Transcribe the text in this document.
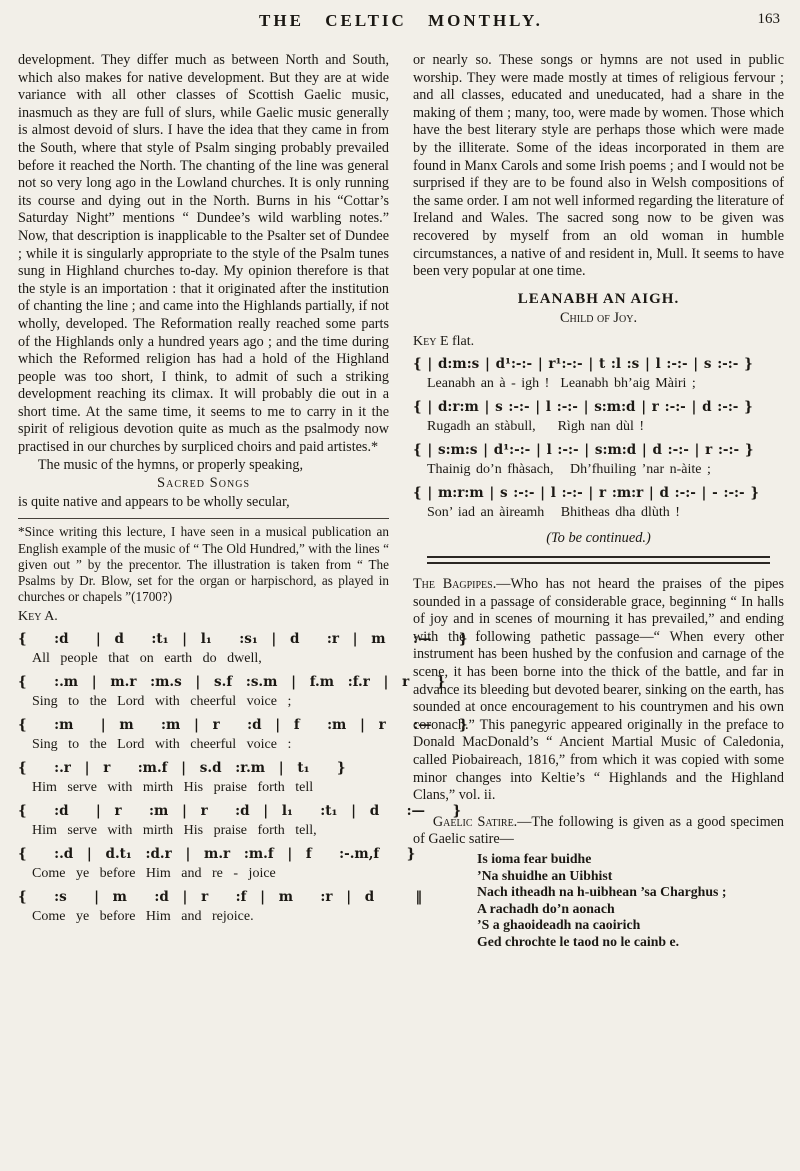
THE CELTIC MONTHLY.	163

development. They differ much as between North and South, which also makes for native development. But they are at wide variance with all other classes of Scottish Gaelic music, inasmuch as they are full of slurs, while Gaelic music generally is almost devoid of slurs. I have the idea that they came in from the South, where that style of Psalm singing probably prevailed before it reached the North. The chanting of the line was general not so very long ago in the Lowland churches. It is only running its course and dying out in the North. Burns in his “Cottar’s Saturday Night” mentions “ Dundee’s wild warbling notes.” Now, that description is inapplicable to the Psalter set of Dundee ; while it is singularly appropriate to the style of the Psalm tunes sung in Highland churches to-day. My opinion therefore is that the style is an importation : that it originated after the institution of chanting the line ; and came into the Highlands partially, if not wholly, developed. The Reformation really reached some parts of the Highlands only a hundred years ago ; and the time during which the Reformed religion has had a hold of the Highland people was too short, I think, to admit of such a striking development reaching its climax. It will probably die out in a short time. At the same time, it seems to me to carry in it the spirit of religious devotion quite as much as the psalmody now practised in our churches by surpliced choirs and paid artistes.*

The music of the hymns, or properly speaking,

Sacred Songs

is quite native and appears to be wholly secular,

*Since writing this lecture, I have seen in a musical publication an English example of the music of “ The Old Hundred,” with the lines “ given out ” by the precentor. The illustration is taken from “ The Psalms by Dr. Blow, set for the organ or harpischord, as played in churches or chapels ”(1700?)

Key A.
{  :d  | d  :t₁ | l₁  :s₁ | d  :r | m  :—  }
All people that on earth do dwell,
{  :.m | m.r :m.s | s.f :s.m | f.m :f.r | r  }
Sing to the Lord with cheerful voice ;
{  :m  | m  :m | r  :d | f  :m | r  :—  }
Sing to the Lord with cheerful voice :
{  :.r | r  :m.f | s.d :r.m | t₁  }
Him serve with mirth His praise forth tell
{  :d  | r  :m | r  :d | l₁  :t₁ | d  :—  }
Him serve with mirth His praise forth tell,
{  :.d | d.t₁ :d.r | m.r :m.f | f  :-.m,f  }
Come ye before Him and re - joice
{  :s  | m  :d | r  :f | m  :r | d   ‖
Come ye before Him and rejoice.

or nearly so. These songs or hymns are not used in public worship. They were made mostly at times of religious fervour ; and all classes, educated and uneducated, had a share in the making of them ; many, too, were made by women. Those which have the best literary style are perhaps those which were made by the illiterate. Some of the ideas incorporated in them are found in Manx Carols and some Irish poems ; and I would not be surprised if they are to be found also in Welsh compositions of the same order. I am not well informed regarding the literature of Ireland and Wales. The sacred song now to be given was recovered by myself from an old woman in humble circumstances, a native of and resident in, Mull. It seems to have been very popular at one time.

LEANABH AN AIGH.
Child of Joy.
Key E flat.
{ | d:m:s | d¹:-:- | r¹:-:- | t :l :s | l :-:- | s :-:- }
Leanabh an à - igh !  Leanabh bh’aig Màiri ;
{ | d:r:m | s :-:- | l :-:- | s:m:d | r :-:- | d :-:- }
Rugadh an stàbull,    Rìgh nan dùl !
{ | s:m:s | d¹:-:- | l :-:- | s:m:d | d :-:- | r :-:- }
Thainig do’n fhàsach,   Dh’fhuiling ’nar n-àite ;
{ | m:r:m | s :-:- | l :-:- | r :m:r | d :-:- | - :-:- }
Son’ iad an àireamh   Bhitheas dha dlùth !
(To be continued.)

The Bagpipes.—Who has not heard the praises of the pipes sounded in a passage of considerable grace, beginning “ In halls of joy and in scenes of mourning it has prevailed,” and ending with the following pathetic passage—“ When every other instrument has been hushed by the confusion and carnage of the scene, it has been borne into the thick of the battle, and far in advance its bleeding but devoted bearer, sinking on the earth, has sounded at once encouragement to his countrymen and his own coronach.” This panegyric appeared originally in the preface to Donald MacDonald’s “ Ancient Martial Music of Caledonia, called Piobaireach, 1816,” from which it was copied with some minor changes into Keltie’s “ Highlands and the Highland Clans,” vol. ii.

Gaelic Satire.—The following is given as a good specimen of Gaelic satire—

Is ioma fear buidhe
’Na shuidhe an Uibhist
Nach itheadh na h-uibhean ’sa Charghus ;
A rachadh do’n aonach
’S a ghaoideadh na caoirich
Ged chrochte le taod no le cainb e.
